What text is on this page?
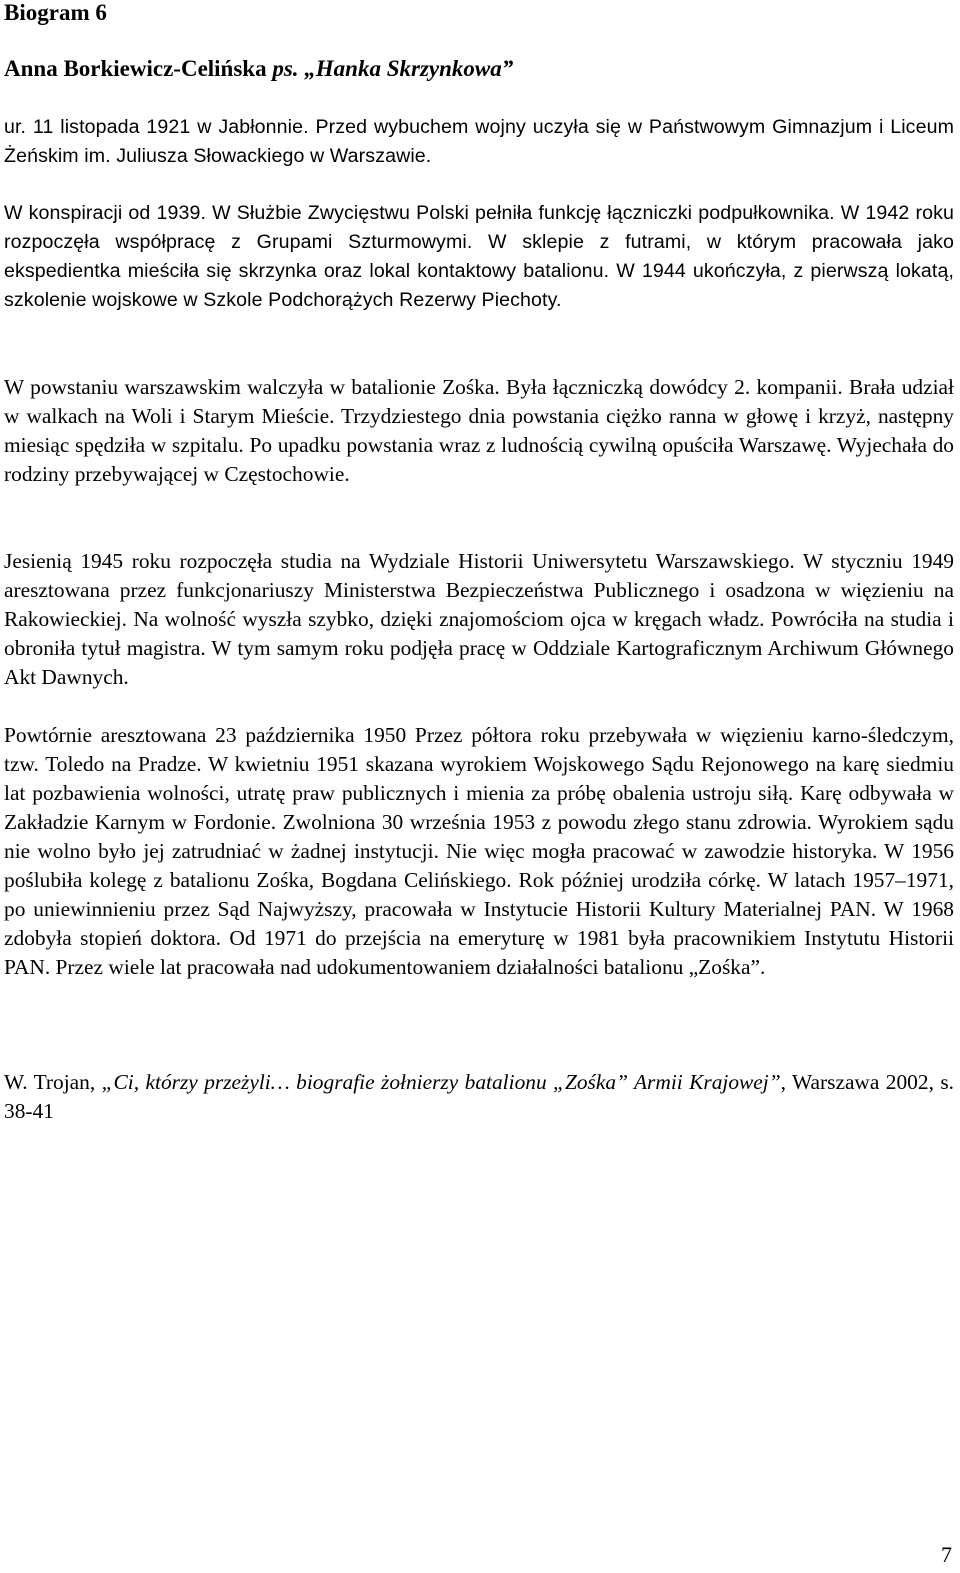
Biogram 6
Anna Borkiewicz-Celińska ps. „Hanka Skrzynkowa”

ur. 11 listopada 1921 w Jabłonnie. Przed wybuchem wojny uczyła się w Państwowym Gimnazjum i Liceum Żeńskim im. Juliusza Słowackiego w Warszawie.

W konspiracji od 1939. W Służbie Zwycięstwu Polski pełniła funkcję łączniczki podpułkownika. W 1942 roku rozpoczęła współpracę z Grupami Szturmowymi. W sklepie z futrami, w którym pracowała jako ekspedientka mieściła się skrzynka oraz lokal kontaktowy batalionu. W 1944 ukończyła, z pierwszą lokatą, szkolenie wojskowe w Szkole Podchorążych Rezerwy Piechoty.

W powstaniu warszawskim walczyła w batalionie Zośka. Była łączniczką dowódcy 2. kompanii. Brała udział w walkach na Woli i Starym Mieście. Trzydziestego dnia powstania ciężko ranna w głowę i krzyż, następny miesiąc spędziła w szpitalu. Po upadku powstania wraz z ludnością cywilną opuściła Warszawę. Wyjechała do rodziny przebywającej w Częstochowie.

Jesienią 1945 roku rozpoczęła studia na Wydziale Historii Uniwersytetu Warszawskiego. W styczniu 1949 aresztowana przez funkcjonariuszy Ministerstwa Bezpieczeństwa Publicznego i osadzona w więzieniu na Rakowieckiej. Na wolność wyszła szybko, dzięki znajomościom ojca w kręgach władz. Powróciła na studia i obroniła tytuł magistra. W tym samym roku podjęła pracę w Oddziale Kartograficznym Archiwum Głównego Akt Dawnych.

Powtórnie aresztowana 23 października 1950 Przez półtora roku przebywała w więzieniu karno-śledczym, tzw. Toledo na Pradze. W kwietniu 1951 skazana wyrokiem Wojskowego Sądu Rejonowego na karę siedmiu lat pozbawienia wolności, utratę praw publicznych i mienia za próbę obalenia ustroju siłą. Karę odbywała w Zakładzie Karnym w Fordonie. Zwolniona 30 września 1953 z powodu złego stanu zdrowia. Wyrokiem sądu nie wolno było jej zatrudniać w żadnej instytucji. Nie więc mogła pracować w zawodzie historyka. W 1956 poślubiła kolegę z batalionu Zośka, Bogdana Celińskiego. Rok później urodziła córkę. W latach 1957–1971, po uniewinnieniu przez Sąd Najwyższy, pracowała w Instytucie Historii Kultury Materialnej PAN. W 1968 zdobyła stopień doktora. Od 1971 do przejścia na emeryturę w 1981 była pracownikiem Instytutu Historii PAN. Przez wiele lat pracowała nad udokumentowaniem działalności batalionu „Zośka”.

W. Trojan, „Ci, którzy przeżyli… biografie żołnierzy batalionu „Zośka” Armii Krajowej”, Warszawa 2002, s. 38-41

7
